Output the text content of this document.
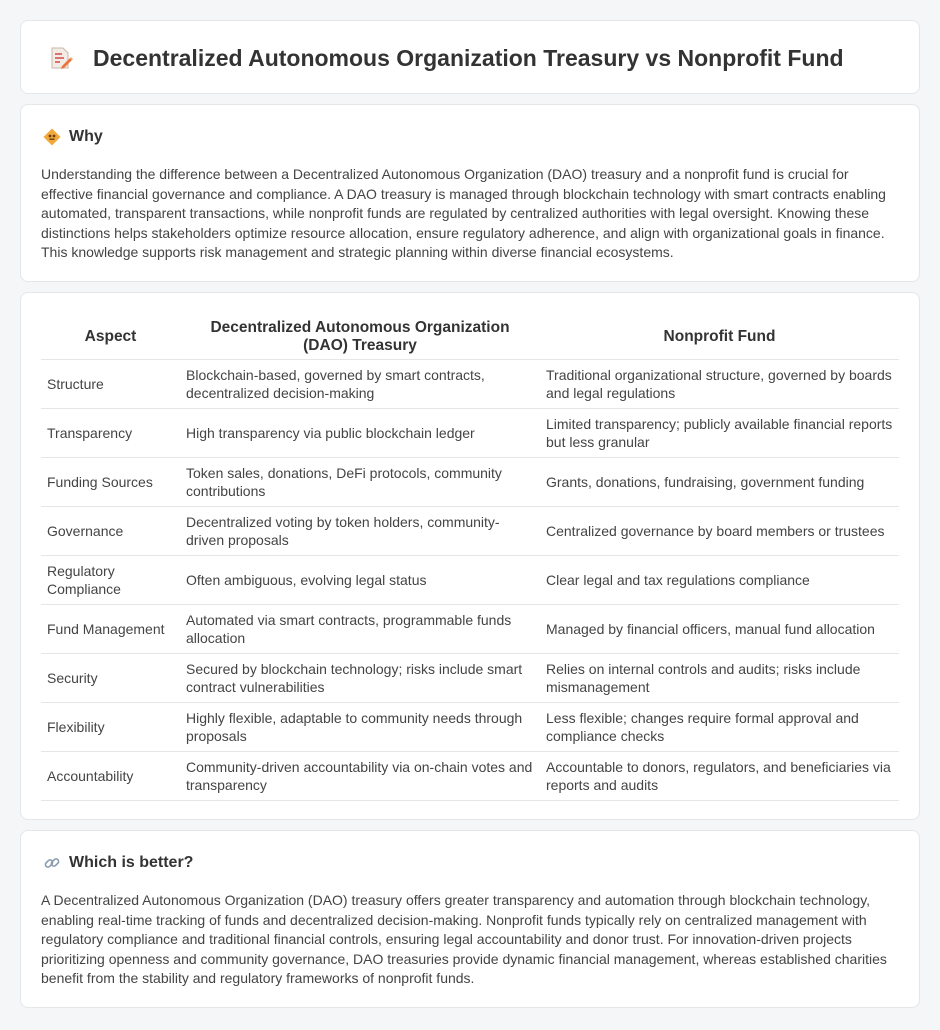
Decentralized Autonomous Organization Treasury vs Nonprofit Fund
Why

Understanding the difference between a Decentralized Autonomous Organization (DAO) treasury and a nonprofit fund is crucial for effective financial governance and compliance. A DAO treasury is managed through blockchain technology with smart contracts enabling automated, transparent transactions, while nonprofit funds are regulated by centralized authorities with legal oversight. Knowing these distinctions helps stakeholders optimize resource allocation, ensure regulatory adherence, and align with organizational goals in finance. This knowledge supports risk management and strategic planning within diverse financial ecosystems.

Aspect	Decentralized Autonomous Organization (DAO) Treasury	Nonprofit Fund
Structure	Blockchain-based, governed by smart contracts, decentralized decision-making	Traditional organizational structure, governed by boards and legal regulations
Transparency	High transparency via public blockchain ledger	Limited transparency; publicly available financial reports but less granular
Funding Sources	Token sales, donations, DeFi protocols, community contributions	Grants, donations, fundraising, government funding
Governance	Decentralized voting by token holders, community-driven proposals	Centralized governance by board members or trustees
Regulatory Compliance	Often ambiguous, evolving legal status	Clear legal and tax regulations compliance
Fund Management	Automated via smart contracts, programmable funds allocation	Managed by financial officers, manual fund allocation
Security	Secured by blockchain technology; risks include smart contract vulnerabilities	Relies on internal controls and audits; risks include mismanagement
Flexibility	Highly flexible, adaptable to community needs through proposals	Less flexible; changes require formal approval and compliance checks
Accountability	Community-driven accountability via on-chain votes and transparency	Accountable to donors, regulators, and beneficiaries via reports and audits
Which is better?

A Decentralized Autonomous Organization (DAO) treasury offers greater transparency and automation through blockchain technology, enabling real-time tracking of funds and decentralized decision-making. Nonprofit funds typically rely on centralized management with regulatory compliance and traditional financial controls, ensuring legal accountability and donor trust. For innovation-driven projects prioritizing openness and community governance, DAO treasuries provide dynamic financial management, whereas established charities benefit from the stability and regulatory frameworks of nonprofit funds.
